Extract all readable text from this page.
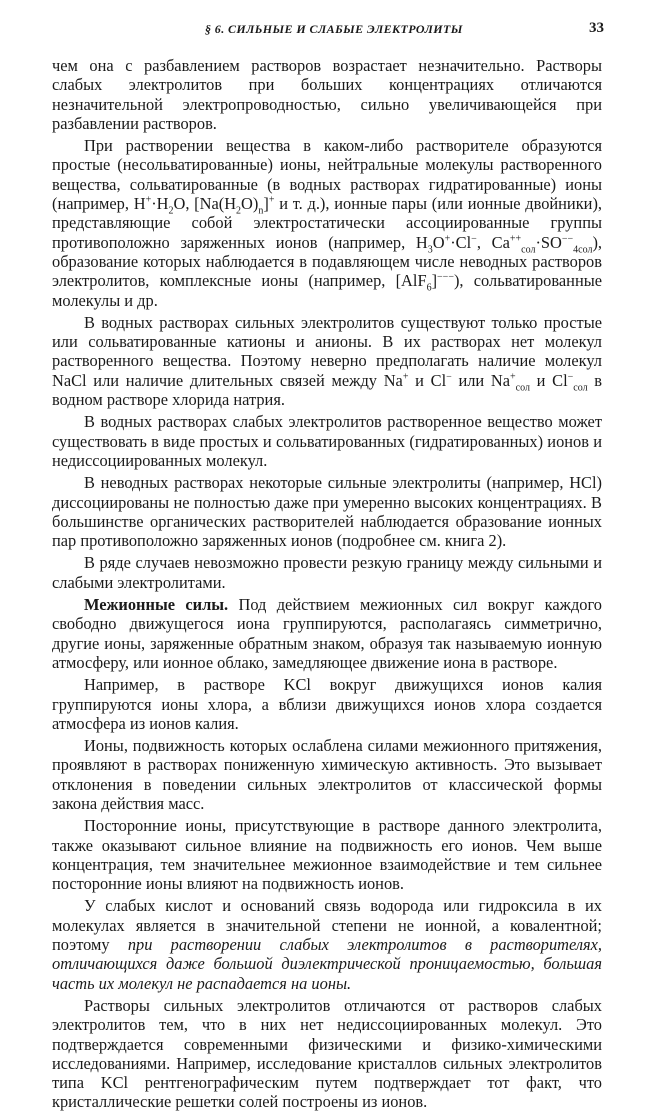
§ 6. СИЛЬНЫЕ И СЛАБЫЕ ЭЛЕКТРОЛИТЫ	33

чем она с разбавлением растворов возрастает незначительно. Растворы слабых электролитов при больших концентрациях отличаются незначительной электропроводностью, сильно увеличивающейся при разбавлении растворов.

При растворении вещества в каком-либо растворителе образуются простые (несольватированные) ионы, нейтральные молекулы растворенного вещества, сольватированные (в водных растворах гидратированные) ионы (например, $H^+\cdot H_2O$, $[Na(H_2O)_n]^+$ и т. д.), ионные пары (или ионные двойники), представляющие собой электростатически ассоциированные группы противоположно заряженных ионов (например, $H_3O^+\cdot Cl^-$, $Ca^{++}_{сол}\cdot SO^{--}_{4сол}$), образование которых наблюдается в подавляющем числе неводных растворов электролитов, комплексные ионы (например, [AlF$_6$]−−−), сольватированные молекулы и др.

В водных растворах сильных электролитов существуют только простые или сольватированные катионы и анионы. В их растворах нет молекул растворенного вещества. Поэтому неверно предполагать наличие молекул NaCl или наличие длительных связей между Na+ и Cl− или $Na^+_{сол}$ и $Cl^-_{сол}$ в водном растворе хлорида натрия.

В водных растворах слабых электролитов растворенное вещество может существовать в виде простых и сольватированных (гидратированных) ионов и недиссоциированных молекул.

В неводных растворах некоторые сильные электролиты (например, HCl) диссоциированы не полностью даже при умеренно высоких концентрациях. В большинстве органических растворителей наблюдается образование ионных пар противоположно заряженных ионов (подробнее см. книга 2).

В ряде случаев невозможно провести резкую границу между сильными и слабыми электролитами.

Межионные силы. Под действием межионных сил вокруг каждого свободно движущегося иона группируются, располагаясь симметрично, другие ионы, заряженные обратным знаком, образуя так называемую ионную атмосферу, или ионное облако, замедляющее движение иона в растворе.

Например, в растворе KCl вокруг движущихся ионов калия группируются ионы хлора, а вблизи движущихся ионов хлора создается атмосфера из ионов калия.

Ионы, подвижность которых ослаблена силами межионного притяжения, проявляют в растворах пониженную химическую активность. Это вызывает отклонения в поведении сильных электролитов от классической формы закона действия масс.

Посторонние ионы, присутствующие в растворе данного электролита, также оказывают сильное влияние на подвижность его ионов. Чем выше концентрация, тем значительнее межионное взаимодействие и тем сильнее посторонние ионы влияют на подвижность ионов.

У слабых кислот и оснований связь водорода или гидроксила в их молекулах является в значительной степени не ионной, а ковалентной; поэтому при растворении слабых электролитов в растворителях, отличающихся даже большой диэлектрической проницаемостью, большая часть их молекул не распадается на ионы.

Растворы сильных электролитов отличаются от растворов слабых электролитов тем, что в них нет недиссоциированных молекул. Это подтверждается современными физическими и физико-химическими исследованиями. Например, исследование кристаллов сильных электролитов типа KCl рентгенографическим путем подтверждает тот факт, что кристаллические решетки солей построены из ионов.
